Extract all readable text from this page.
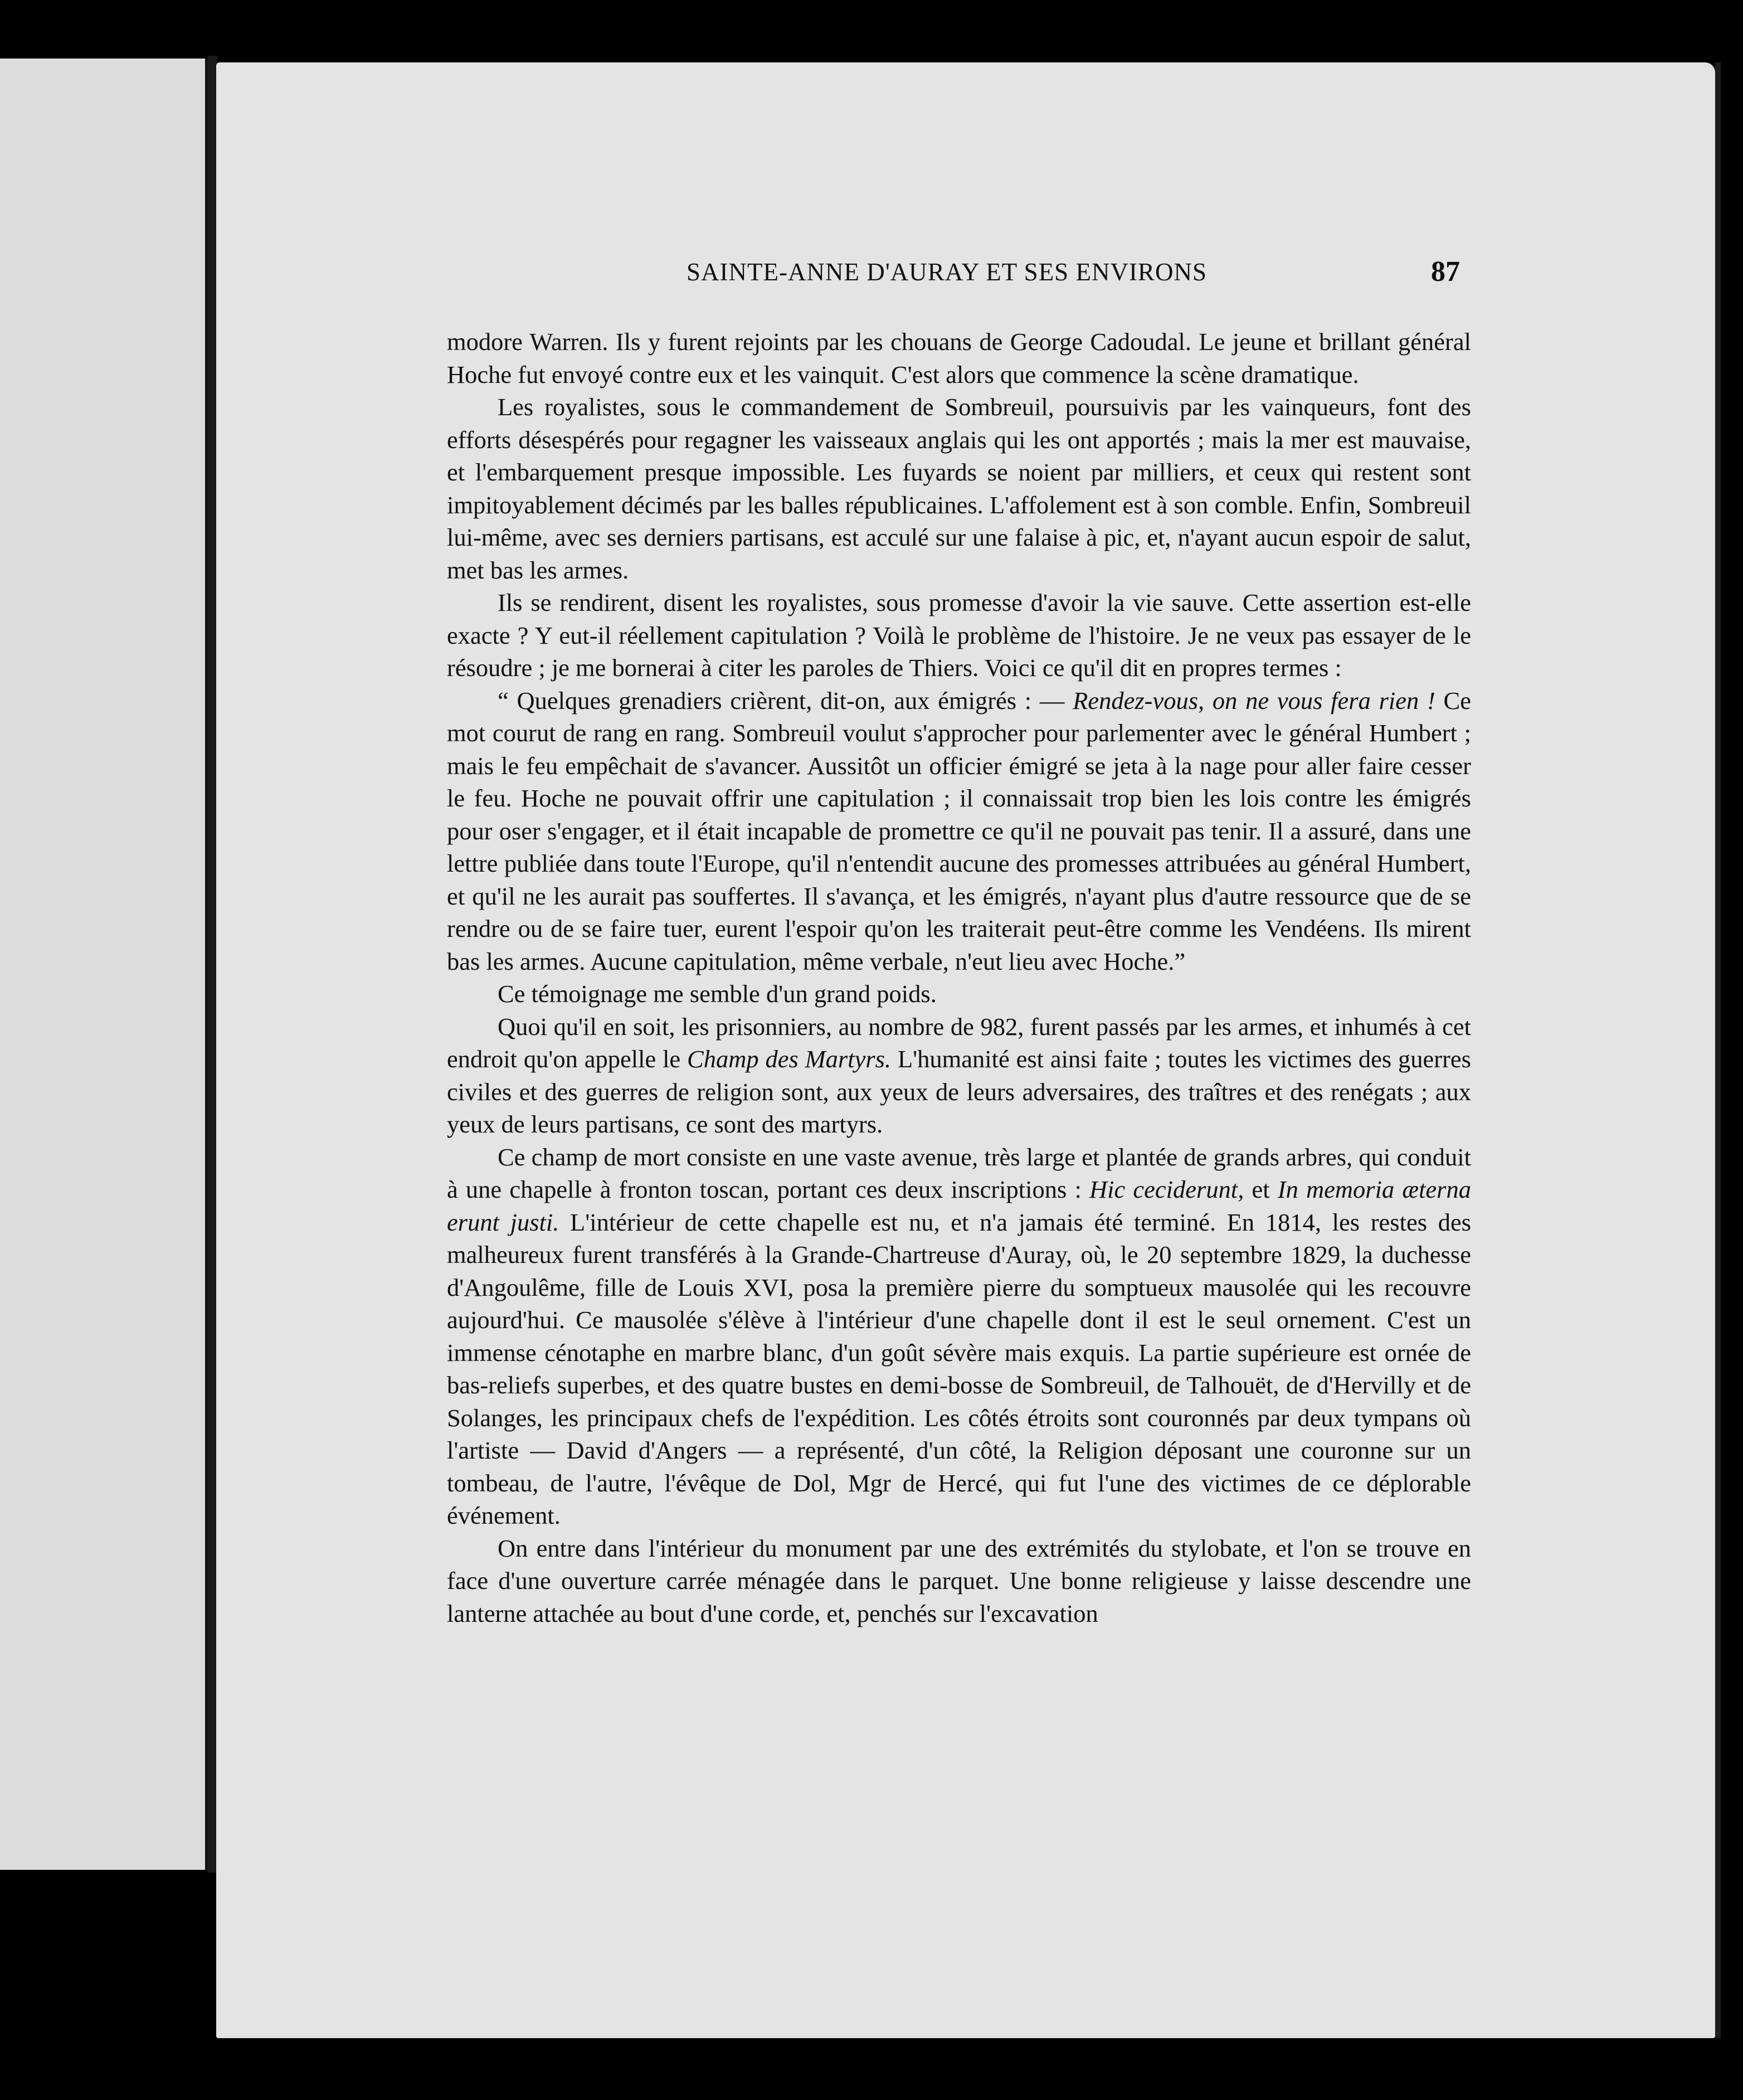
SAINTE-ANNE D'AURAY ET SES ENVIRONS	87

modore Warren. Ils y furent rejoints par les chouans de George Cadoudal. Le jeune et brillant général Hoche fut envoyé contre eux et les vainquit. C'est alors que commence la scène dramatique.

Les royalistes, sous le commandement de Sombreuil, poursuivis par les vainqueurs, font des efforts désespérés pour regagner les vaisseaux anglais qui les ont apportés ; mais la mer est mauvaise, et l'embarquement presque impossible. Les fuyards se noient par milliers, et ceux qui restent sont impitoyablement décimés par les balles républicaines. L'affolement est à son comble. Enfin, Sombreuil lui-même, avec ses derniers partisans, est acculé sur une falaise à pic, et, n'ayant aucun espoir de salut, met bas les armes.

Ils se rendirent, disent les royalistes, sous promesse d'avoir la vie sauve. Cette assertion est-elle exacte ? Y eut-il réellement capitulation ? Voilà le problème de l'histoire. Je ne veux pas essayer de le résoudre ; je me bornerai à citer les paroles de Thiers. Voici ce qu'il dit en propres termes :

“ Quelques grenadiers crièrent, dit-on, aux émigrés : — Rendez-vous, on ne vous fera rien ! Ce mot courut de rang en rang. Sombreuil voulut s'approcher pour parlementer avec le général Humbert ; mais le feu empêchait de s'avancer. Aussitôt un officier émigré se jeta à la nage pour aller faire cesser le feu. Hoche ne pouvait offrir une capitulation ; il connaissait trop bien les lois contre les émigrés pour oser s'engager, et il était incapable de promettre ce qu'il ne pouvait pas tenir. Il a assuré, dans une lettre publiée dans toute l'Europe, qu'il n'entendit aucune des promesses attribuées au général Humbert, et qu'il ne les aurait pas souffertes. Il s'avança, et les émigrés, n'ayant plus d'autre ressource que de se rendre ou de se faire tuer, eurent l'espoir qu'on les traiterait peut-être comme les Vendéens. Ils mirent bas les armes. Aucune capitulation, même verbale, n'eut lieu avec Hoche.”

Ce témoignage me semble d'un grand poids.

Quoi qu'il en soit, les prisonniers, au nombre de 982, furent passés par les armes, et inhumés à cet endroit qu'on appelle le Champ des Martyrs. L'humanité est ainsi faite ; toutes les victimes des guerres civiles et des guerres de religion sont, aux yeux de leurs adversaires, des traîtres et des renégats ; aux yeux de leurs partisans, ce sont des martyrs.

Ce champ de mort consiste en une vaste avenue, très large et plantée de grands arbres, qui conduit à une chapelle à fronton toscan, portant ces deux inscriptions : Hic ceciderunt, et In memoria æterna erunt justi. L'intérieur de cette chapelle est nu, et n'a jamais été terminé. En 1814, les restes des malheureux furent transférés à la Grande-Chartreuse d'Auray, où, le 20 septembre 1829, la duchesse d'Angoulême, fille de Louis XVI, posa la première pierre du somptueux mausolée qui les recouvre aujourd'hui. Ce mausolée s'élève à l'intérieur d'une chapelle dont il est le seul ornement. C'est un immense cénotaphe en marbre blanc, d'un goût sévère mais exquis. La partie supérieure est ornée de bas-reliefs superbes, et des quatre bustes en demi-bosse de Sombreuil, de Talhouët, de d'Hervilly et de Solanges, les principaux chefs de l'expédition. Les côtés étroits sont couronnés par deux tympans où l'artiste — David d'Angers — a représenté, d'un côté, la Religion déposant une couronne sur un tombeau, de l'autre, l'évêque de Dol, Mgr de Hercé, qui fut l'une des victimes de ce déplorable événement.

On entre dans l'intérieur du monument par une des extrémités du stylobate, et l'on se trouve en face d'une ouverture carrée ménagée dans le parquet. Une bonne religieuse y laisse descendre une lanterne attachée au bout d'une corde, et, penchés sur l'excavation
